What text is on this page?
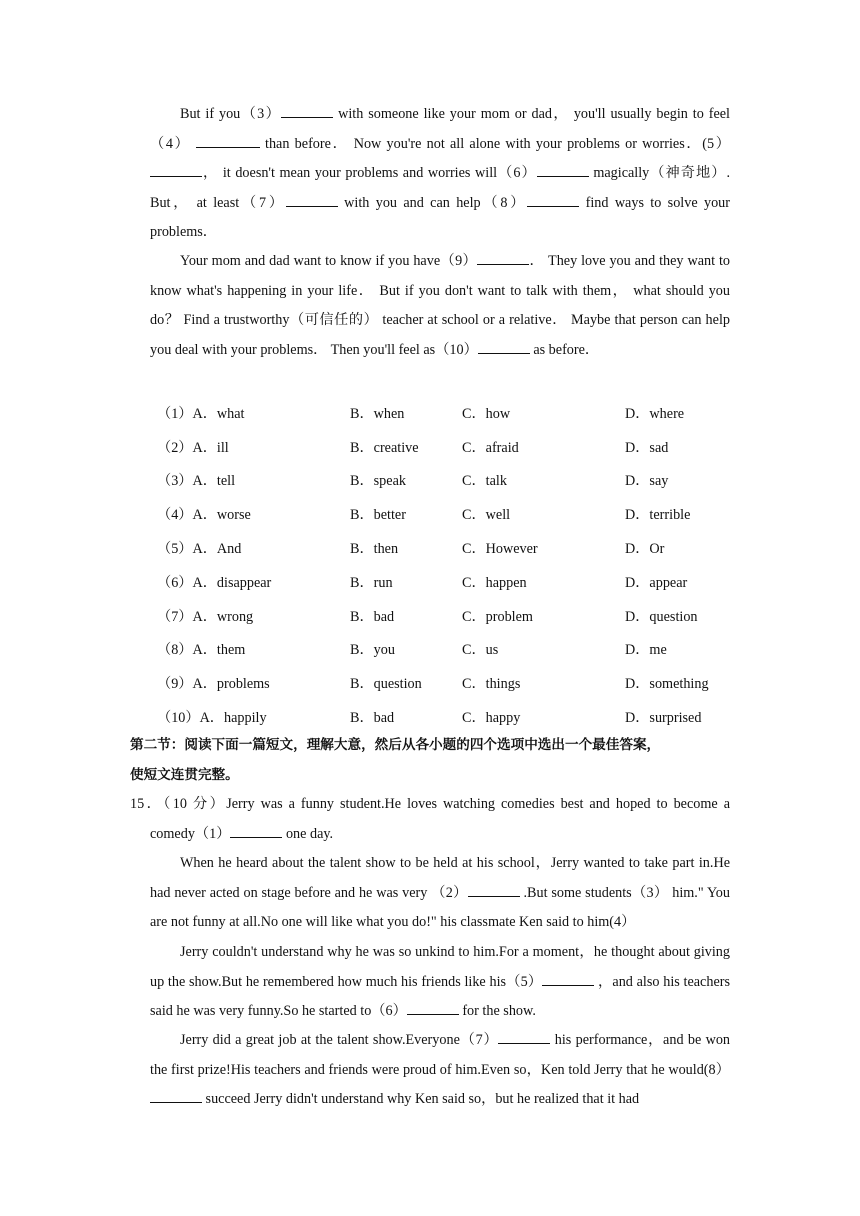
But if you（3）	with someone like your mom or dad， you'll usually begin to feel （4）	than before． Now you're not all alone with your problems or worries．(5）， it doesn't mean your problems and worries will（6）	magically（神奇地）. But， at least（7）	with you and can help（8）	find ways to solve your problems．

Your mom and dad want to know if you have（9）	． They love you and they want to know what's happening in your life． But if you don't want to talk with them， what should you do？ Find a trustworthy（可信任的） teacher at school or a relative． Maybe that person can help you deal with your problems． Then you'll feel as（10）	as before．

（1）A．what	B．when	C．how	D．where
（2）A．ill	B．creative	C．afraid	D．sad
（3）A．tell	B．speak	C．talk	D．say
（4）A．worse	B．better	C．well	D．terrible
（5）A．And	B．then	C．However	D．Or
（6）A．disappear	B．run	C．happen	D．appear
（7）A．wrong	B．bad	C．problem	D．question
（8）A．them	B．you	C．us	D．me
（9）A．problems	B．question	C．things	D．something
（10）A．happily	B．bad	C．happy	D．surprised

第二节：阅读下面一篇短文，理解大意，然后从各小题的四个选项中选出一个最佳答案，

使短文连贯完整。

15．（10 分）Jerry was a funny student.He loves watching comedies best and hoped to become a

comedy（1）	one day.

When he heard about the talent show to be held at his school，Jerry wanted to take part in.He had never acted on stage before and he was very （2）	.But some students（3） him." You are not funny at all.No one will like what you do!" his classmate Ken said to him(4）

Jerry couldn't understand why he was so unkind to him.For a moment，he thought about giving up the show.But he remembered how much his friends like his（5）	，and also his teachers said he was very funny.So he started to（6）	for the show.

Jerry did a great job at the talent show.Everyone（7）	his performance，and be won the first prize!His teachers and friends were proud of him.Even so，Ken told Jerry that he would(8） succeed Jerry didn't understand why Ken said so，but he realized that it had
